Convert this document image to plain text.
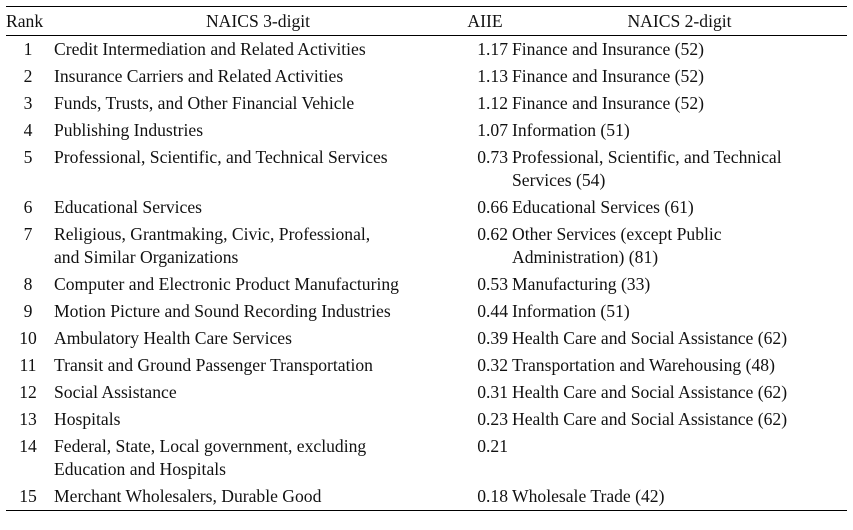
Rank	NAICS 3-digit	AIIE	NAICS 2-digit
1	Credit Intermediation and Related Activities	1.17	Finance and Insurance (52)
2	Insurance Carriers and Related Activities	1.13	Finance and Insurance (52)
3	Funds, Trusts, and Other Financial Vehicle	1.12	Finance and Insurance (52)
4	Publishing Industries	1.07	Information (51)
5	Professional, Scientific, and Technical Services	0.73	Professional, Scientific, and Technical
Services (54)

6	Educational Services	0.66	Educational Services (61)
7	Religious, Grantmaking, Civic, Professional,
and Similar Organizations	0.62	Other Services (except Public
Administration) (81)

8	Computer and Electronic Product Manufacturing	0.53	Manufacturing (33)
9	Motion Picture and Sound Recording Industries	0.44	Information (51)
10	Ambulatory Health Care Services	0.39	Health Care and Social Assistance (62)
11	Transit and Ground Passenger Transportation	0.32	Transportation and Warehousing (48)
12	Social Assistance	0.31	Health Care and Social Assistance (62)
13	Hospitals	0.23	Health Care and Social Assistance (62)
14	Federal, State, Local government, excluding
Education and Hospitals	0.21	
15	Merchant Wholesalers, Durable Good	0.18	Wholesale Trade (42)
